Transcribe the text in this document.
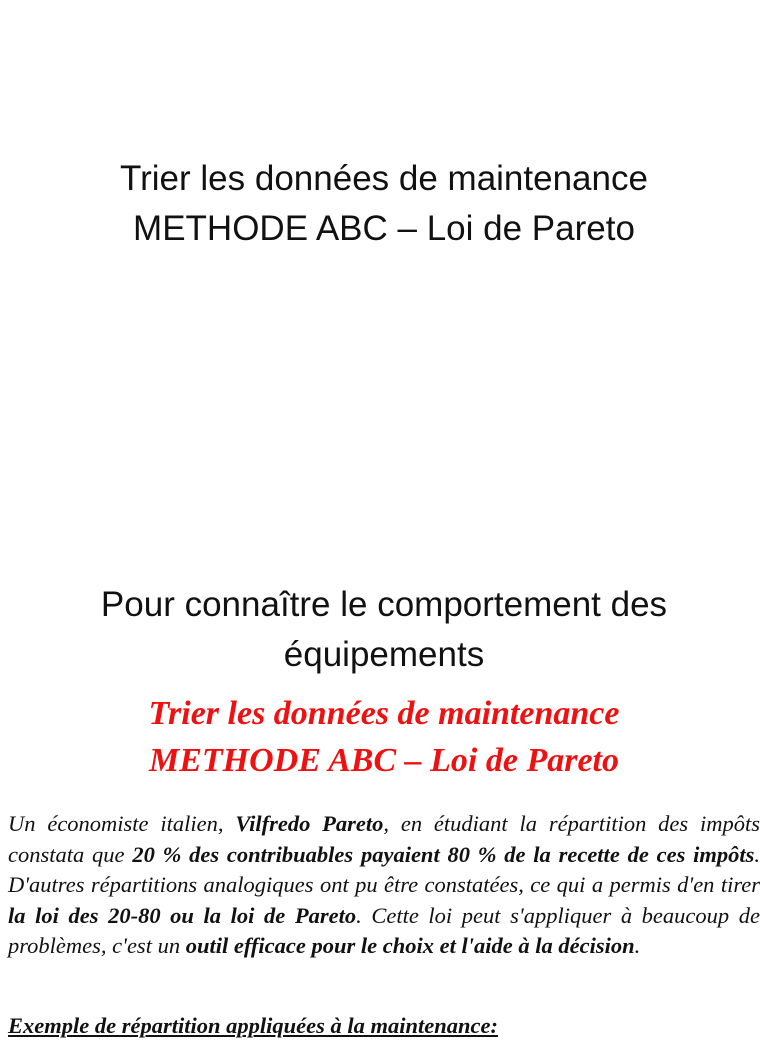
Trier les données de maintenance
METHODE ABC – Loi de Pareto
Pour connaître le comportement des
équipements
Trier les données de maintenance
METHODE ABC – Loi de Pareto

Un économiste italien, Vilfredo Pareto, en étudiant la répartition des impôts constata que 20 % des contribuables payaient 80 % de la recette de ces impôts. D'autres répartitions analogiques ont pu être constatées, ce qui a permis d'en tirer la loi des 20-80 ou la loi de Pareto. Cette loi peut s'appliquer à beaucoup de problèmes, c'est un outil efficace pour le choix et l'aide à la décision.

Exemple de répartition appliquées à la maintenance:
